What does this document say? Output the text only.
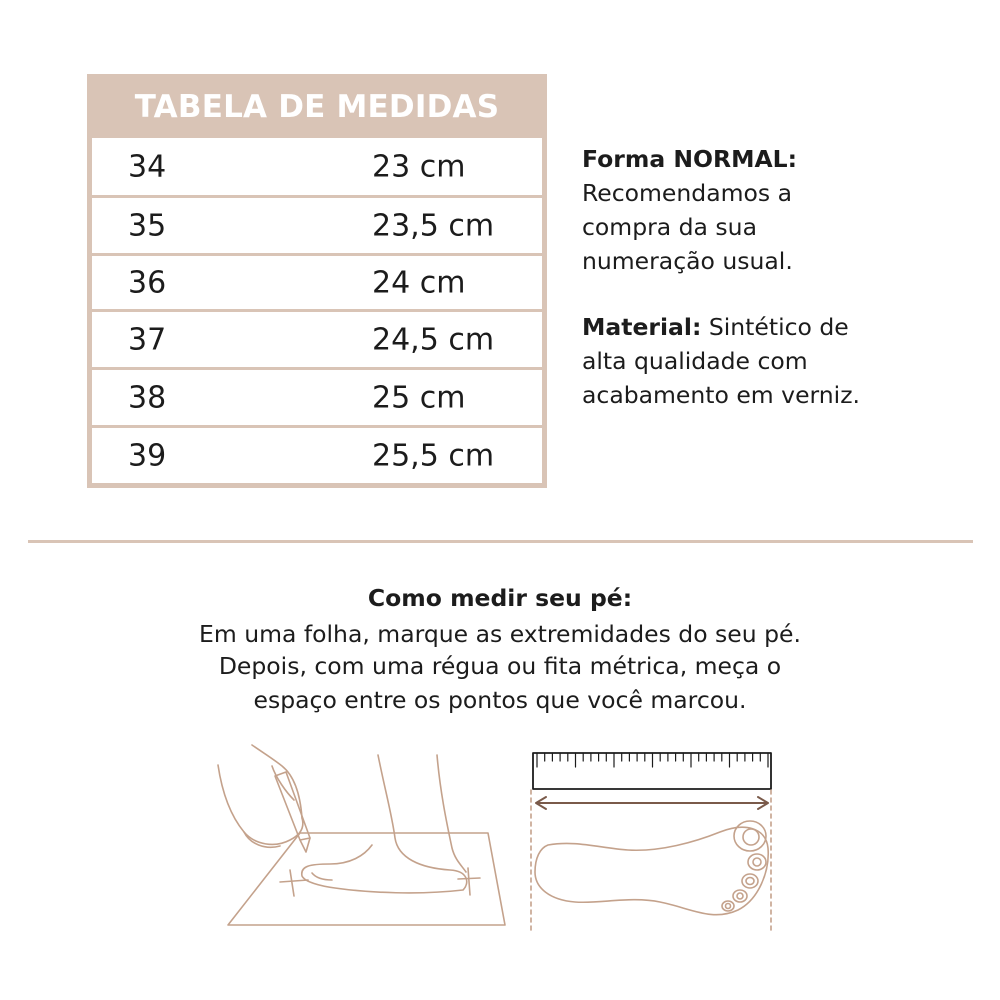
TABELA DE MEDIDAS
34	23 cm
35	23,5 cm
36	24 cm
37	24,5 cm
38	25 cm
39	25,5 cm
Forma NORMAL:
Recomendamos a
compra da sua
numeração usual.
Material: Sintético de
alta qualidade com
acabamento em verniz.
Como medir seu pé:
Em uma folha, marque as extremidades do seu pé.
Depois, com uma régua ou fita métrica, meça o
espaço entre os pontos que você marcou.
